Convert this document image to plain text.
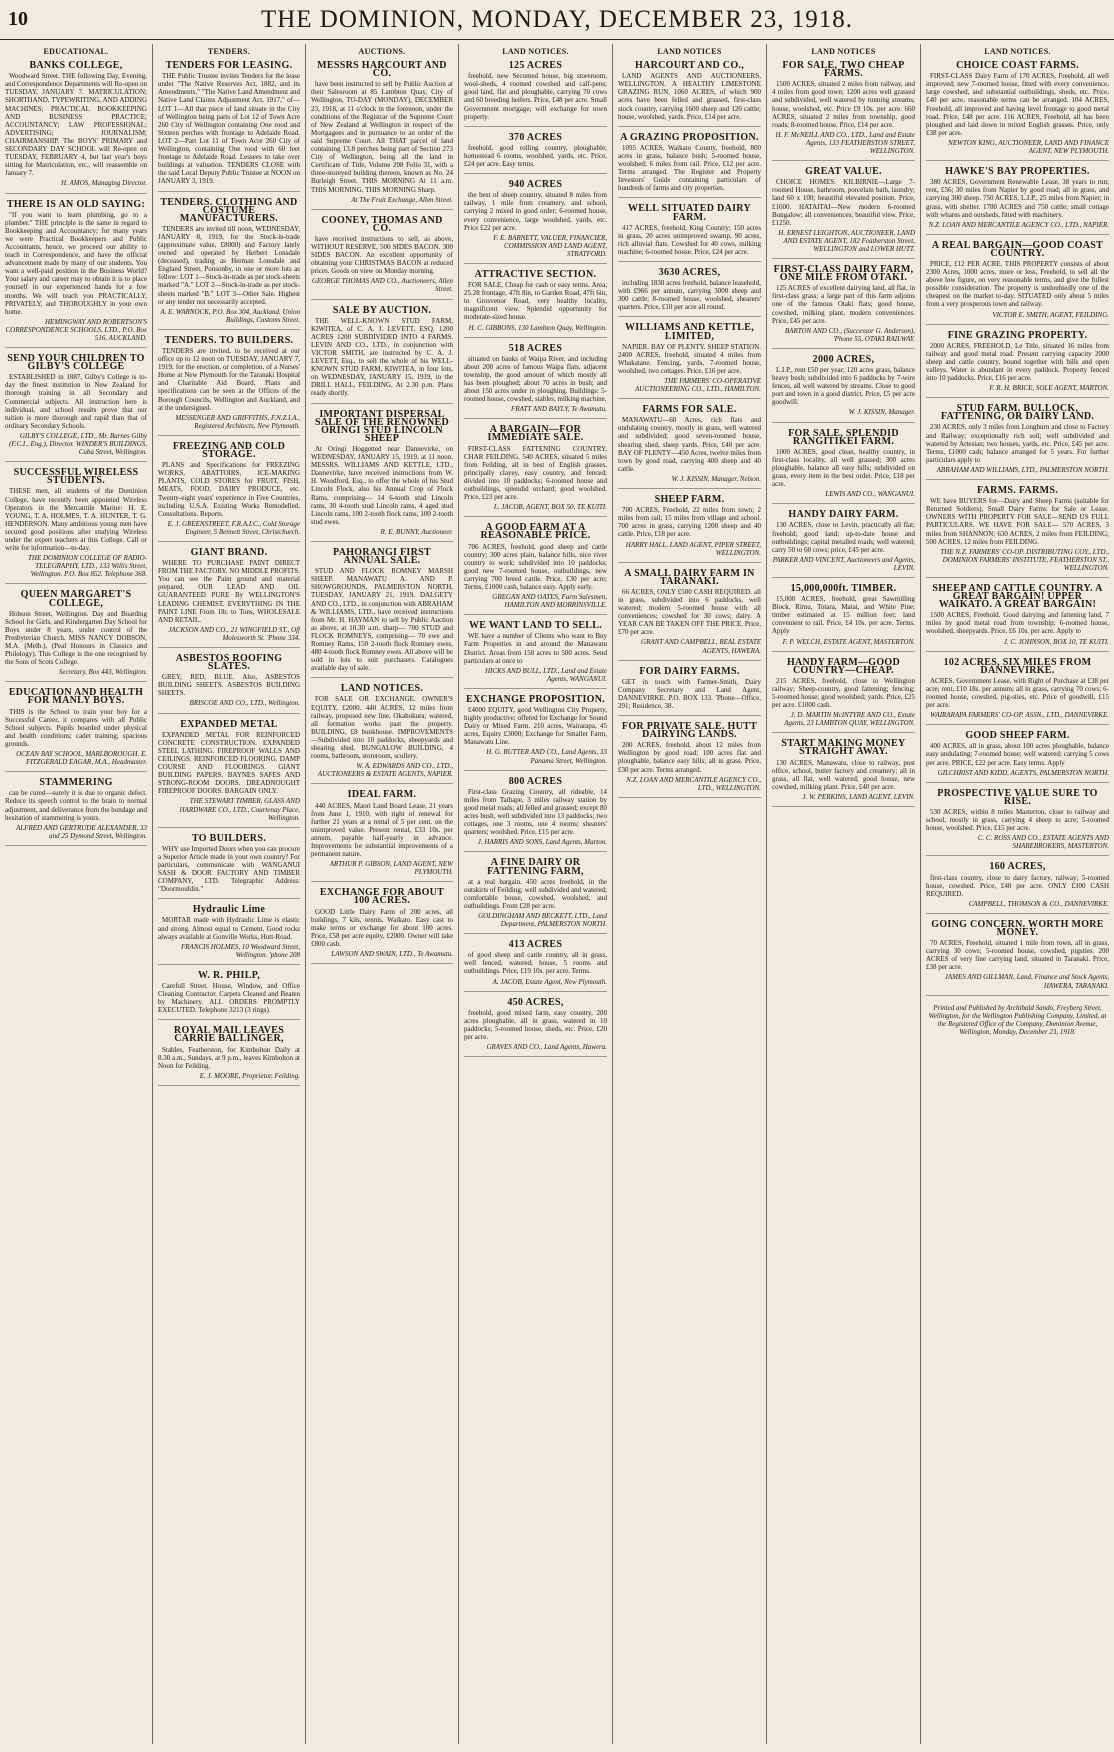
10	THE DOMINION, MONDAY, DECEMBER 23, 1918.
EDUCATIONAL.
BANKS COLLEGE,

Woodward Street. THE following Day, Evening, and Correspondence Departments will Re-open on TUESDAY, JANUARY 7. MATRICULATION; SHORTHAND, TYPEWRITING, AND ADDING MACHINES; PRACTICAL BOOKKEEPING AND BUSINESS PRACTICE; ACCOUNTANCY; LAW PROFESSIONAL; ADVERTISING; JOURNALISM; CHAIRMANSHIP. The BOYS' PRIMARY and SECONDARY DAY SCHOOL will Re-open on TUESDAY, FEBRUARY 4, but last year's boys sitting for Matriculation, etc., will reassemble on January 7.

H. AMOS, Managing Director.
THERE IS AN OLD SAYING:

"If you want to learn plumbing, go to a plumber." THE principle is the same in regard to Bookkeeping and Accountancy; for many years we were Practical Bookkeepers and Public Accountants, hence, we proceed our ability to teach in Correspondence, and have the official advancement made by many of our students. You want a well-paid position in the Business World? Your salary and career may to obtain it is to place yourself in our experienced hands for a few months. We will teach you PRACTICALLY, PRIVATELY, and THOROUGHLY in your own home.

HEMINGWAY AND ROBERTSON'S CORRESPONDENCE SCHOOLS, LTD., P.O. Box 516. AUCKLAND.
SEND YOUR CHILDREN TO GILBY'S COLLEGE

ESTABLISHED in 1887, Gilby's College is to-day the finest institution in New Zealand for thorough training in all Secondary and Commercial subjects. All instruction here is individual, and school results prove that our tuition is more thorough and rapid than that of ordinary Secondary Schools.

GILBY'S COLLEGE, LTD., Mr. Barnes Gilby (F.C.I., Eng.), Director. WINDER'S BUILDINGS, Cuba Street, Wellington.
SUCCESSFUL WIRELESS STUDENTS.

THESE men, all students of the Dominion College, have recently been appointed Wireless Operators in the Mercantile Marine: H. E. YOUNG, T. A. HOLMES, T. A. HUNTER, T. G. HENDERSON. Many ambitious young men have secured good positions after studying Wireless under the expert teachers at this College. Call or write for information—to-day.

THE DOMINION COLLEGE OF RADIO-TELEGRAPHY, LTD., 133 Willis Street, Wellington. P.O. Box 852. Telephone 368.
QUEEN MARGARET'S COLLEGE,

Hobson Street, Wellington. Day and Boarding School for Girls, and Kindergarten Day School for Boys under 8 years, under control of the Presbyterian Church. MISS NANCY DOBSON, M.A. (Melb.), (Peal Honours in Classics and Philology). This College is the one recognised by the Sons of Scots College.

Secretary, Box 443, Wellington.
EDUCATION AND HEALTH FOR MANLY BOYS.

THIS is the School to train your boy for a Successful Career, it compares with all Public School subjects. Pupils boarded under physical and health conditions; cadet training; spacious grounds.

OCEAN BAY SCHOOL, MARLBOROUGH. E. FITZGERALD EAGAR, M.A., Headmaster.
STAMMERING

can be cured—surely it is due to organic defect. Reduce its speech control to the brain to normal adjustment, and deliverance from the bondage and hesitation of stammering is yours.

ALFRED AND GERTRUDE ALEXANDER, 33 and 25 Dymond Street, Wellington.
TENDERS.
TENDERS FOR LEASING.

THE Public Trustee invites Tenders for the lease under "The Native Reserves Act, 1882, and its Amendments," "The Native Land Amendment and Native Land Claims Adjustment Act, 1917," of— LOT 1—All that piece of land situate in the City of Wellington being parts of Lot 12 of Town Acre 260 City of Wellington containing One rood and Sixteen perches with frontage to Adelaide Road. LOT 2—Part Lot 11 of Town Acre 260 City of Wellington, containing One rood with 60 feet frontage to Adelaide Road. Lessees to take over buildings at valuation. TENDERS CLOSE with the said Local Deputy Public Trustee at NOON on JANUARY 3, 1919.

TENDERS. CLOTHING AND COSTUME MANUFACTURERS.

TENDERS are invited till noon, WEDNESDAY, JANUARY 8, 1919, for the Stock-in-trade (approximate value, £8000) and Factory lately owned and operated by Herbert Lonsdale (deceased), trading as Herman Lonsdale and England Street, Ponsonby, in one or more lots as follow: LOT 1—Stock-in-trade as per stock-sheets marked "A." LOT 2—Stock-in-trade as per stock-sheets marked "B." LOT 3—Other Sale. Highest or any tender not necessarily accepted.

A. E. WARNOCK, P.O. Box 304, Auckland. Union Buildings, Customs Street.
TENDERS. TO BUILDERS.

TENDERS are invited, to be received at our office up to 12 noon on TUESDAY, JANUARY 7, 1919, for the erection, or completion, of a Nurses' Home at New Plymouth for the Taranaki Hospital and Charitable Aid Board. Plans and specifications can be seen at the Offices of the Borough Councils, Wellington and Auckland, and at the undersigned.

MESSENGER AND GRIFFITHS, F.N.Z.I.A., Registered Architects, New Plymouth.
FREEZING AND COLD STORAGE.

PLANS and Specifications for FREEZING WORKS, ABATTOIRS, ICE-MAKING PLANTS, COLD STORES for FRUIT, FISH, MEATS, FOOD, DAIRY PRODUCE, etc. Twenty-eight years' experience in Five Countries, including U.S.A. Existing Works Remodelled. Consultations. Reports.

E. J. GREENSTREET, F.R.A.I.C., Cold Storage Engineer, 5 Bennett Street, Christchurch.
GIANT BRAND.

WHERE TO PURCHASE PAINT DIRECT FROM THE FACTORY. NO MIDDLE PROFITS. You can see the Paint ground and material prepared. OUR LEAD AND OIL GUARANTEED PURE By WELLINGTON'S LEADING CHEMIST. EVERYTHING IN THE PAINT LINE From 1lb. to Tons, WHOLESALE AND RETAIL.

JACKSON AND CO., 21 WINGFIELD ST., Off Molesworth St. 'Phone 334.
ASBESTOS ROOFING SLATES.

GREY, RED, BLUE. Also, ASBESTOS BUILDING SHEETS. ASBESTOS BUILDING SHEETS.

BRISCOE AND CO., LTD., Wellington.
EXPANDED METAL

EXPANDED METAL FOR REINFORCED CONCRETE CONSTRUCTION. EXPANDED STEEL LATHING. FIREPROOF WALLS AND CEILINGS. REINFORCED FLOORING. DAMP COURSE AND FLOORINGS. GIANT BUILDING PAPERS. BAYNES SAFES AND STRONG-ROOM DOORS. DREADNOUGHT FIREPROOF DOORS. BARGAIN ONLY.

THE STEWART TIMBER, GLASS AND HARDWARE CO., LTD., Courtenay Place, Wellington.
TO BUILDERS.

WHY use Imported Doors when you can procure a Superior Article made in your own country? For particulars, communicate with WANGANUI SASH & DOOR FACTORY AND TIMBER COMPANY, LTD. Telegraphic Address: "Doormouldin."

Hydraulic Lime

MORTAR made with Hydraulic Lime is elastic and strong. Almost equal to Cement. Good rocks always available at Gonville Works, Hutt-Road.

FRANCIS HOLMES, 10 Woodward Street, Wellington. 'phone 208
W. R. PHILP,

Carefull Street. House, Window, and Office Cleaning Contractor. Carpets Cleaned and Beaten by Machinery. ALL ORDERS PROMPTLY EXECUTED. Telephone 3213 (3 rings).

ROYAL MAIL LEAVES CARRIE BALLINGER,

Stables, Featherston, for Kimbolton Daily at 8.30 a.m., Sundays, at 9 p.m., leaves Kimbolton at Noon for Feilding.

E. J. MOORE, Proprietor, Feilding.
AUCTIONS.
MESSRS HARCOURT AND CO.

have been instructed to sell by Public Auction at their Salesroom at 85 Lambton Quay, City of Wellington, TO-DAY (MONDAY), DECEMBER 23, 1918, at 11 o'clock in the forenoon, under the conditions of the Registrar of the Supreme Court of New Zealand at Wellington in respect of the Mortgagees and in pursuance to an order of the said Supreme Court. All THAT parcel of land containing 13.8 perches being part of Section 273 City of Wellington, being all the land in Certificate of Title, Volume 208 Folio 31, with a three-storeyed building thereon, known as No. 24 Burleigh Street. THIS MORNING At 11 a.m. THIS MORNING. THIS MORNING Sharp.

At The Fruit Exchange, Allen Street.
COONEY, THOMAS AND CO.

have received instructions to sell, as above, WITHOUT RESERVE, 500 SIDES BACON. 300 SIDES BACON. An excellent opportunity of obtaining your CHRISTMAS BACON at reduced prices. Goods on view on Monday morning.

GEORGE THOMAS AND CO., Auctioneers, Allen Street.
SALE BY AUCTION.

THE WELL-KNOWN STUD FARM, KIWITEA, of C. A. J. LEVETT, ESQ. 1200 ACRES 1200 SUBDIVIDED INTO 4 FARMS. LEVIN AND CO., LTD., in conjunction with VICTOR SMITH, are instructed by C. A. J. LEVETT, Esq., to sell the whole of his WELL-KNOWN STUD FARM, KIWITEA, in four lots, on WEDNESDAY, JANUARY 15, 1919, in the DRILL HALL, FEILDING, At 2.30 p.m. Plans ready shortly.

IMPORTANT DISPERSAL SALE OF THE RENOWNED ORINGI STUD LINCOLN SHEEP

At Oringi Hoggetted near Dannevirke, on WEDNESDAY, JANUARY 15, 1919, at 11 noon. MESSRS. WILLIAMS AND KETTLE, LTD., Dannevirke, have received instructions from W. H. Woodford, Esq., to offer the whole of his Stud Lincoln Flock, also his Annual Crop of Flock Rams, comprising— 14 6-tooth stud Lincoln rams, 30 4-tooth stud Lincoln rams, 4 aged stud Lincoln rams, 100 2-tooth flock rams, 100 2-tooth stud ewes.

R. E. BUNNY, Auctioneer.
PAHORANGI FIRST ANNUAL SALE.

STUD AND FLOCK ROMNEY MARSH SHEEP. MANAWATU A. AND P. SHOWGROUNDS, PALMERSTON NORTH, TUESDAY, JANUARY 21, 1919. DALGETY AND CO., LTD., in conjunction with ABRAHAM & WILLIAMS, LTD., have received instructions from Mr. H. HAYMAN to sell by Public Auction as above, at 10.30 a.m. sharp— 700 STUD and FLOCK ROMNEYS, comprising— 70 ewe and Romney Rams, 150 2-tooth flock Romney ewes, 480 4-tooth flock Romney ewes. All above will be sold in lots to suit purchasers. Catalogues available day of sale.

LAND NOTICES.

FOR SALE OR EXCHANGE. OWNER'S EQUITY, £2000. 440 ACRES, 12 miles from railway, proposed new line, Okahukura; watered, all formation works past the property. BUILDING, £8 bunkhouse. IMPROVEMENTS—Subdivided into 10 paddocks, sheepyards and shearing shed. BUNGALOW BUILDING, 4 rooms, bathroom, storeroom, scullery.

W. A. EDWARDS AND CO., LTD., AUCTIONEERS & ESTATE AGENTS, NAPIER.
IDEAL FARM.

440 ACRES, Maori Land Board Lease, 21 years from June 1, 1910, with right of renewal for further 21 years at a rental of 5 per cent. on the unimproved value. Present rental, £33 10s. per annum, payable half-yearly in advance. Improvements for substantial improvements of a permanent nature.

ARTHUR P. GIBSON, LAND AGENT, NEW PLYMOUTH.
EXCHANGE FOR ABOUT 100 ACRES.

GOOD Little Dairy Farm of 200 acres, all buildings, 7 kils, tennis, Waikato. Easy cast to make terms or exchange for about 100 acres. Price, £58 per acre equity, £2000. Owner will take £800 cash.

LAWSON AND SWAIN, LTD., Te Awamutu.
LAND NOTICES.
125 ACRES

freehold, new Secomed house, big storeroom, wool-sheds, 4 roomed cowshed and calf-pens; good land, flat and ploughable, carrying 70 cows and 60 breeding heifers. Price, £48 per acre. Small Government mortgage; will exchange for town property.

370 ACRES

freehold, good rolling country, ploughable; homestead 6 rooms, woolshed, yards, etc. Price, £24 per acre. Easy terms.

940 ACRES

the best of sheep country, situated 8 miles from railway, 1 mile from creamery, and school, carrying 2 mixed in good order; 6-roomed house, every convenience, large woolshed, yards, etc. Price £22 per acre.

F. E. BARNETT, VALUER, FINANCIER, COMMISSION AND LAND AGENT, STRATFORD.
ATTRACTIVE SECTION.

FOR SALE, Cheap for cash or easy terms. Area, 25.28 frontage, 47ft 8in, to Garden Road, 47ft 6in, to Grosvenor Road, very healthy locality, magnificent view. Splendid opportunity for moderate-sized house.

H. C. GIBBONS, 130 Lambton Quay, Wellington.
518 ACRES

situated on banks of Waipa River, and including about 200 acres of famous Waipa flats, adjacent township, the good amount of which mostly all has been ploughed; about 70 acres in bush; and about 150 acres under in ploughing. Buildings: 5-roomed house, cowshed, stables, milking machine.

FRATT AND BAYLY, Te Awamutu.
A BARGAIN—FOR IMMEDIATE SALE.

FIRST-CLASS FATTENING COUNTRY, CHAR FEILDING. 540 ACRES, situated 5 miles from Feilding, all in best of English grasses, principally clayey, easy country, and fenced; divided into 10 paddocks; 6-roomed house and outbuildings, splendid orchard; good woolshed. Price, £23 per acre.

L. JACOB, AGENT, BOX 50, TE KUITI.
A GOOD FARM AT A REASONABLE PRICE.

706 ACRES, freehold, good sheep and cattle country; 300 acres plain, balance hills, nice river country to work; subdivided into 10 paddocks; good new 7-roomed house, outbuildings, new carrying 700 breed cattle. Price, £30 per acre; Terms, £1000 cash, balance easy. Apply early.

GREGAN AND OATES, Farm Salesmen, HAMILTON AND MORRINSVILLE.
WE WANT LAND TO SELL.

WE have a number of Clients who want to Buy Farm Properties in and around the Manawatu District. Areas from 150 acres to 500 acres. Send particulars at once to

HICKS AND BULL, LTD., Land and Estate Agents, WANGANUI.
EXCHANGE PROPOSITION.

£4000 EQUITY, good Wellington City Property, highly productive; offered for Exchange for Sound Dairy or Mixed Farm. 210 acres, Wairarapa, 45 acres, Equity £3000; Exchange for Smaller Farm, Manawatu Line.

H. G. RUTTER AND CO., Land Agents, 33 Panama Street, Wellington.
800 ACRES

First-class Grazing Country, all rideable, 14 miles from Taihape, 3 miles railway station by good metal roads; all felled and grassed; except 80 acres bush, well subdivided into 13 paddocks; two cottages, one 3 rooms, one 4 rooms; shearers' quarters; woolshed. Price, £15 per acre.

J. HARRIS AND SONS, Land Agents, Marton.
A FINE DAIRY OR FATTENING FARM,

at a real bargain. 450 acres freehold, in the outskirts of Feilding; well subdivided and watered; comfortable house, cowshed, woolshed, and outbuildings. From £28 per acre.

GOLDINGHAM AND BECKETT, LTD., Land Department, PALMERSTON NORTH.
413 ACRES

of good sheep and cattle country, all in grass, well fenced, watered; house, 5 rooms and outbuildings. Price, £19 10s. per acre. Terms.

A. JACOB, Estate Agent, New Plymouth.
450 ACRES,

freehold, good mixed farm, easy country, 200 acres ploughable, all in grass, watered in 10 paddocks; 5-roomed house, sheds, etc. Price, £20 per acre.

GRAVES AND CO., Land Agents, Hawera.
LAND NOTICES
HARCOURT AND CO.,

LAND AGENTS AND AUCTIONEERS, WELLINGTON. A HEALTHY LIMESTONE GRAZING RUN. 1060 ACRES, of which 900 acres have been felled and grassed, first-class stock country, carrying 1600 sheep and 120 cattle; house, woolshed, yards. Price, £14 per acre.

A GRAZING PROPOSITION.

1095 ACRES, Waikato County, freehold, 800 acres in grass, balance bush; 5-roomed house, woolshed; 6 miles from rail. Price, £12 per acre. Terms arranged. The Register and Property Investors' Guide containing particulars of hundreds of farms and city properties.

WELL SITUATED DAIRY FARM.

417 ACRES, freehold, King Country; 150 acres in grass, 20 acres unimproved swamp, 90 acres, rich alluvial flats. Cowshed for 40 cows, milking machine; 6-roomed house. Price, £24 per acre.

3630 ACRES,

including 1830 acres freehold, balance leasehold, with £966 per annum, carrying 3000 sheep and 300 cattle; 8-roomed house, woolshed, shearers' quarters. Price, £10 per acre all round.

WILLIAMS AND KETTLE, LIMITED,

NAPIER. BAY OF PLENTY. SHEEP STATION. 2400 ACRES, freehold, situated 4 miles from Whakatane. Fencing, yards, 7-roomed house, woolshed, two cottages. Price, £16 per acre.

THE FARMERS' CO-OPERATIVE AUCTIONEERING CO., LTD., HAMILTON.
FARMS FOR SALE.

MANAWATU—60 Acres, rich flats and undulating country, mostly in grass, well watered and subdivided; good seven-roomed house, shearing shed, sheep yards. Price, £40 per acre. BAY OF PLENTY—450 Acres, twelve miles from town by good road, carrying 400 sheep and 40 cattle.

W. J. KISSIN, Manager, Nelson.
SHEEP FARM.

700 ACRES, Freehold, 22 miles from town; 2 miles from rail; 15 miles from village and school. 700 acres in grass, carrying 1200 sheep and 40 cattle. Price, £18 per acre.

HARRY HALL, LAND AGENT, PIPER STREET, WELLINGTON.
A SMALL DAIRY FARM IN TARANAKI.

66 ACRES, ONLY £500 CASH REQUIRED. all in grass, subdivided into 6 paddocks, well watered; modern 5-roomed house with all conveniences; cowshed for 30 cows; dairy. A YEAR CAN BE TAKEN OFF THE PRICE. Price, £70 per acre.

GRANT AND CAMPBELL, REAL ESTATE AGENTS, HAWERA.
FOR DAIRY FARMS.

GET in touch with Farmer-Smith, Dairy Company Secretary and Land Agent, DANNEVIRKE. P.O. BOX 133. 'Phone—Office, 291; Residence, 38.

FOR PRIVATE SALE. HUTT DAIRYING LANDS.

200 ACRES, freehold, about 12 miles from Wellington by good road; 100 acres flat and ploughable, balance easy hills; all in grass. Price, £30 per acre. Terms arranged.

N.Z. LOAN AND MERCANTILE AGENCY CO., LTD., WELLINGTON.
LAND NOTICES
FOR SALE, TWO CHEAP FARMS.

1500 ACRES, situated 2 miles from railway, and 4 miles from good town; 1200 acres well grassed and subdivided, well watered by running streams; house, woolshed, etc. Price £9 10s. per acre. 660 ACRES, situated 2 miles from township, good roads; 8-roomed house. Price, £14 per acre.

H. F. McNEILL AND CO., LTD., Land and Estate Agents, 133 FEATHERSTON STREET, WELLINGTON.
GREAT VALUE.

CHOICE HOMES. KILBIRNIE—Large 7-roomed House, bathroom, porcelain bath, laundry; land 60 x 100; beautiful elevated position. Price, £1600. HATAITAI—New modern 6-roomed Bungalow; all conveniences; beautiful view. Price, £1250.

H. ERNEST LEIGHTON, AUCTIONEER, LAND AND ESTATE AGENT, 182 Featherston Street, WELLINGTON and LOWER HUTT.
FIRST-CLASS DAIRY FARM, ONE MILE FROM OTAKI.

125 ACRES of excellent dairying land, all flat, in first-class grass; a large part of this farm adjoins one of the famous Otaki flats; good house, cowshed, milking plant, modern conveniences. Price, £45 per acre.

BARTON AND CO., (Successor G. Anderson), 'Phone 55, OTAKI RAILWAY.
2000 ACRES,

L.I.P., rent £50 per year; 120 acres grass, balance heavy bush; subdivided into 6 paddocks by 7-wire fences, all well watered by streams. Close to good port and town in a good district. Price, £5 per acre goodwill.

W. J. KISSIN, Manager.
FOR SALE, SPLENDID RANGITIKEI FARM.

1000 ACRES, good clean, healthy country, in first-class locality, all well grassed; 300 acres ploughable, balance all easy hills; subdivided on grass, every item in the best order. Price, £18 per acre.

LEWIS AND CO., WANGANUI.
HANDY DAIRY FARM.

130 ACRES, close to Levin, practically all flat; freehold; good land; up-to-date house and outbuildings; capital metalled roads; well watered; carry 50 to 60 cows; price, £45 per acre.

PARKER AND VINCENT, Auctioneers and Agents, LEVIN.
15,000,000ft. TIMBER.

15,000 ACRES, freehold, great Sawmilling Block. Rimu, Totara, Matai, and White Pine; timber estimated at 15 million feet; land convenient to rail. Price, £4 10s. per acre. Terms. Apply

F. P. WELCH, ESTATE AGENT, MASTERTON.
HANDY FARM—GOOD COUNTRY—CHEAP.

215 ACRES, freehold, close to Wellington railway; Sheep-country, good fattening; fencing; 5-roomed house; good woolshed; yards. Price, £25 per acre. £1000 cash.

J. D. MARTIN McINTYRE AND CO., Estate Agents, 23 LAMBTON QUAY, WELLINGTON.
START MAKING MONEY STRAIGHT AWAY.

130 ACRES, Manawatu, close to railway, post office, school, butter factory and creamery; all in grass, all flat, well watered; good house, new cowshed, milking plant. Price, £40 per acre.

J. W. PERKINS, LAND AGENT, LEVIN.
LAND NOTICES.
CHOICE COAST FARMS.

FIRST-CLASS Dairy Farm of 170 ACRES, Freehold, all well improved; new 7-roomed house, fitted with every convenience, large cowshed, and substantial outbuildings, sheds, etc. Price, £40 per acre, reasonable terms can be arranged. 104 ACRES, Freehold, all improved and having level frontage to good metal road. Price, £48 per acre. 116 ACRES, Freehold, all has been ploughed and laid down in mixed English grasses. Price, only £38 per acre.

NEWTON KING, AUCTIONEER, LAND AND FINANCE AGENT, NEW PLYMOUTH.
HAWKE'S BAY PROPERTIES.

380 ACRES, Government Renewable Lease, 38 years to run; rent, £56; 30 miles from Napier by good road; all in grass, and carrying 300 sheep. 750 ACRES, L.I.P., 25 miles from Napier; in grass, with shelter. 1780 ACRES and 750 cattle; small cottage with whares and outsheds, fitted with machinery.

N.Z. LOAN AND MERCANTILE AGENCY CO., LTD., NAPIER.
A REAL BARGAIN—GOOD COAST COUNTRY.

PRICE, £12 PER ACRE. THIS PROPERTY consists of about 2300 Acres, 1000 acres, more or less, Freehold, to sell all the above low figure, on very reasonable terms, and give the fullest possible consideration. The property is undoubtedly one of the cheapest on the market to-day. SITUATED only about 5 miles from a very prosperous town and railway.

VICTOR E. SMITH, AGENT, FEILDING.
FINE GRAZING PROPERTY.

2000 ACRES, FREEHOLD, Le Title, situated 16 miles from railway and good metal road. Present carrying capacity 2000 sheep and cattle country, bound together with hills and open valleys. Water is abundant in every paddock. Property fenced into 10 paddocks. Price, £16 per acre.

F. R. H. BRICE, SOLE AGENT, MARTON.
STUD FARM. BULLOCK, FATTENING, OR DAIRY LAND.

230 ACRES, only 3 miles from Longburn and close to Factory and Railway; exceptionally rich soil; well subdivided and watered by Artesian; two houses, yards, etc. Price, £45 per acre. Terms, £1000 cash; balance arranged for 5 years. For further particulars apply to

ABRAHAM AND WILLIAMS, LTD., PALMERSTON NORTH.
FARMS. FARMS.

WE have BUYERS for—Dairy and Sheep Farms (suitable for Returned Soldiers), Small Dairy Farms for Sale or Lease. OWNERS WITH PROPERTY FOR SALE—SEND US FULL PARTICULARS. WE HAVE FOR SALE— 570 ACRES, 3 miles from SHANNON; 630 ACRES, 2 miles from FEILDING; 500 ACRES, 12 miles from FEILDING.

THE N.Z. FARMERS' CO-OP. DISTRIBUTING COY., LTD., DOMINION FARMERS' INSTITUTE, FEATHERSTON ST., WELLINGTON.
SHEEP AND CATTLE COUNTRY. A GREAT BARGAIN! UPPER WAIKATO. A GREAT BARGAIN!

1500 ACRES, Freehold. Good dairying and fattening land, 7 miles by good metal road from township; 6-roomed house, woolshed, sheepyards. Price, £6 10s. per acre. Apply to

J. C. JOHNSON, BOX 10, TE KUITI.
102 ACRES, SIX MILES FROM DANNEVIRKE.

ACRES, Government Lease, with Right of Purchase at £38 per acre; rent, £10 18s. per annum; all in grass, carrying 70 cows; 6-roomed house, cowshed, pig-sties, etc. Price of goodwill, £15 per acre.

WAIRARAPA FARMERS' CO-OP. ASSN., LTD., DANNEVIRKE.
GOOD SHEEP FARM.

400 ACRES, all in grass, about 100 acres ploughable, balance easy undulating; 7-roomed house; well watered; carrying 5 cows per acre. PRICE, £22 per acre. Easy terms. Apply

GILCHRIST AND KIDD, AGENTS, PALMERSTON NORTH.
PROSPECTIVE VALUE SURE TO RISE.

530 ACRES, within 8 miles Masterton, close to railway and school, mostly in grass, carrying 4 sheep to acre; 5-roomed house, woolshed. Price, £15 per acre.

C. C. ROSS AND CO., ESTATE AGENTS AND SHAREBROKERS, MASTERTON.
160 ACRES,

first-class country, close to dairy factory, railway; 5-roomed house, cowshed. Price, £40 per acre. ONLY £300 CASH REQUIRED.

CAMPBELL, THOMSON & CO., DANNEVIRKE.
GOING CONCERN. WORTH MORE MONEY.

70 ACRES, Freehold, situated 1 mile from town, all in grass, carrying 30 cows; 5-roomed house, cowshed, pigsties. 200 ACRES of very fine carrying land, situated in Taranaki. Price, £38 per acre.

JAMES AND GILLMAN, Land, Finance and Stock Agents, HAWERA, TARANAKI.
Printed and Published by Archibald Sando, Freyberg Street, Wellington, for the Wellington Publishing Company, Limited, at the Registered Office of the Company, Dominion Avenue, Wellington, Monday, December 23, 1918.
